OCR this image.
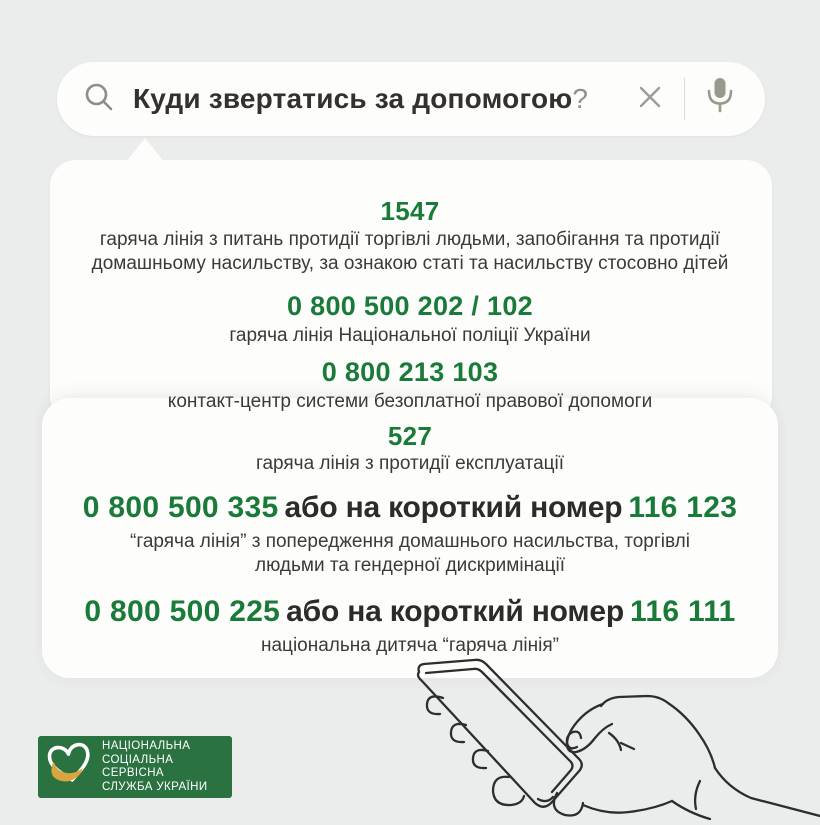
Куди звертатись за допомогою?
1547
гаряча лінія з питань протидії торгівлі людьми, запобігання та протидії домашньому насильству, за ознакою статі та насильству стосовно дітей
0 800 500 202 / 102
гаряча лінія Національної поліції України
0 800 213 103
контакт-центр системи безоплатної правової допомоги
527
гаряча лінія з протидії експлуатації
0 800 500 335 або на короткий номер 116 123
“гаряча лінія” з попередження домашнього насильства, торгівлі людьми та гендерної дискримінації
0 800 500 225 або на короткий номер 116 111
національна дитяча “гаряча лінія”
НАЦІОНАЛЬНА
СОЦІАЛЬНА СЕРВІСНА
СЛУЖБА УКРАЇНИ
